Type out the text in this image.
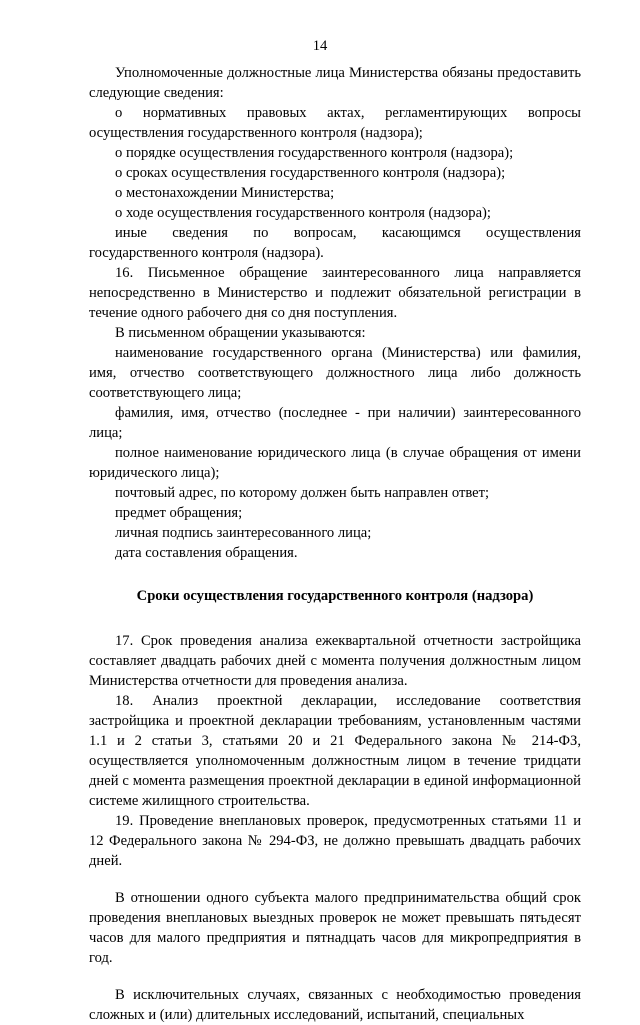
14

Уполномоченные должностные лица Министерства обязаны предоставить следующие сведения:

о нормативных правовых актах, регламентирующих вопросы осуществления государственного контроля (надзора);

о порядке осуществления государственного контроля (надзора);

о сроках осуществления государственного контроля (надзора);

о местонахождении Министерства;

о ходе осуществления государственного контроля (надзора);

иные сведения по вопросам, касающимся осуществления государственного контроля (надзора).

16. Письменное обращение заинтересованного лица направляется непосредственно в Министерство и подлежит обязательной регистрации в течение одного рабочего дня со дня поступления.

В письменном обращении указываются:

наименование государственного органа (Министерства) или фамилия, имя, отчество соответствующего должностного лица либо должность соответствующего лица;

фамилия, имя, отчество (последнее - при наличии) заинтересованного лица;

полное наименование юридического лица (в случае обращения от имени юридического лица);

почтовый адрес, по которому должен быть направлен ответ;

предмет обращения;

личная подпись заинтересованного лица;

дата составления обращения.

Сроки осуществления государственного контроля (надзора)

17. Срок проведения анализа ежеквартальной отчетности застройщика составляет двадцать рабочих дней с момента получения должностным лицом Министерства отчетности для проведения анализа.

18. Анализ проектной декларации, исследование соответствия застройщика и проектной декларации требованиям, установленным частями 1.1 и 2 статьи 3, статьями 20 и 21 Федерального закона № 214-ФЗ, осуществляется уполномоченным должностным лицом в течение тридцати дней с момента размещения проектной декларации в единой информационной системе жилищного строительства.

19. Проведение внеплановых проверок, предусмотренных статьями 11 и 12 Федерального закона № 294-ФЗ, не должно превышать двадцать рабочих дней.

В отношении одного субъекта малого предпринимательства общий срок проведения внеплановых выездных проверок не может превышать пятьдесят часов для малого предприятия и пятнадцать часов для микропредприятия в год.

В исключительных случаях, связанных с необходимостью проведения сложных и (или) длительных исследований, испытаний, специальных
